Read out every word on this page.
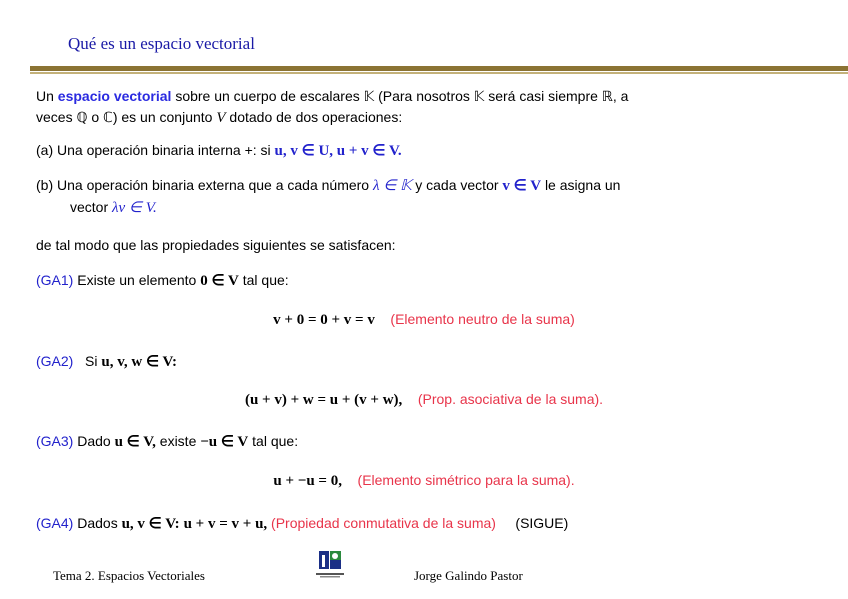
Qué es un espacio vectorial
Un espacio vectorial sobre un cuerpo de escalares 𝕂 (Para nosotros 𝕂 será casi siempre ℝ, a
veces ℚ o ℂ) es un conjunto V dotado de dos operaciones:
(a) Una operación binaria interna +: si u, v ∈ U, u + v ∈ V.
(b) Una operación binaria externa que a cada número λ ∈ 𝕂 y cada vector v ∈ V le asigna un
vector λv ∈ V.
de tal modo que las propiedades siguientes se satisfacen:
(GA1) Existe un elemento 0 ∈ V tal que:
v + 0 = 0 + v = v (Elemento neutro de la suma)
(GA2) Si u, v, w ∈ V:
(u + v) + w = u + (v + w), (Prop. asociativa de la suma).
(GA3) Dado u ∈ V, existe −u ∈ V tal que:
u + −u = 0, (Elemento simétrico para la suma).
(GA4) Dados u, v ∈ V: u + v = v + u, (Propiedad conmutativa de la suma) (SIGUE)
Tema 2. Espacios Vectoriales	Jorge Galindo Pastor
